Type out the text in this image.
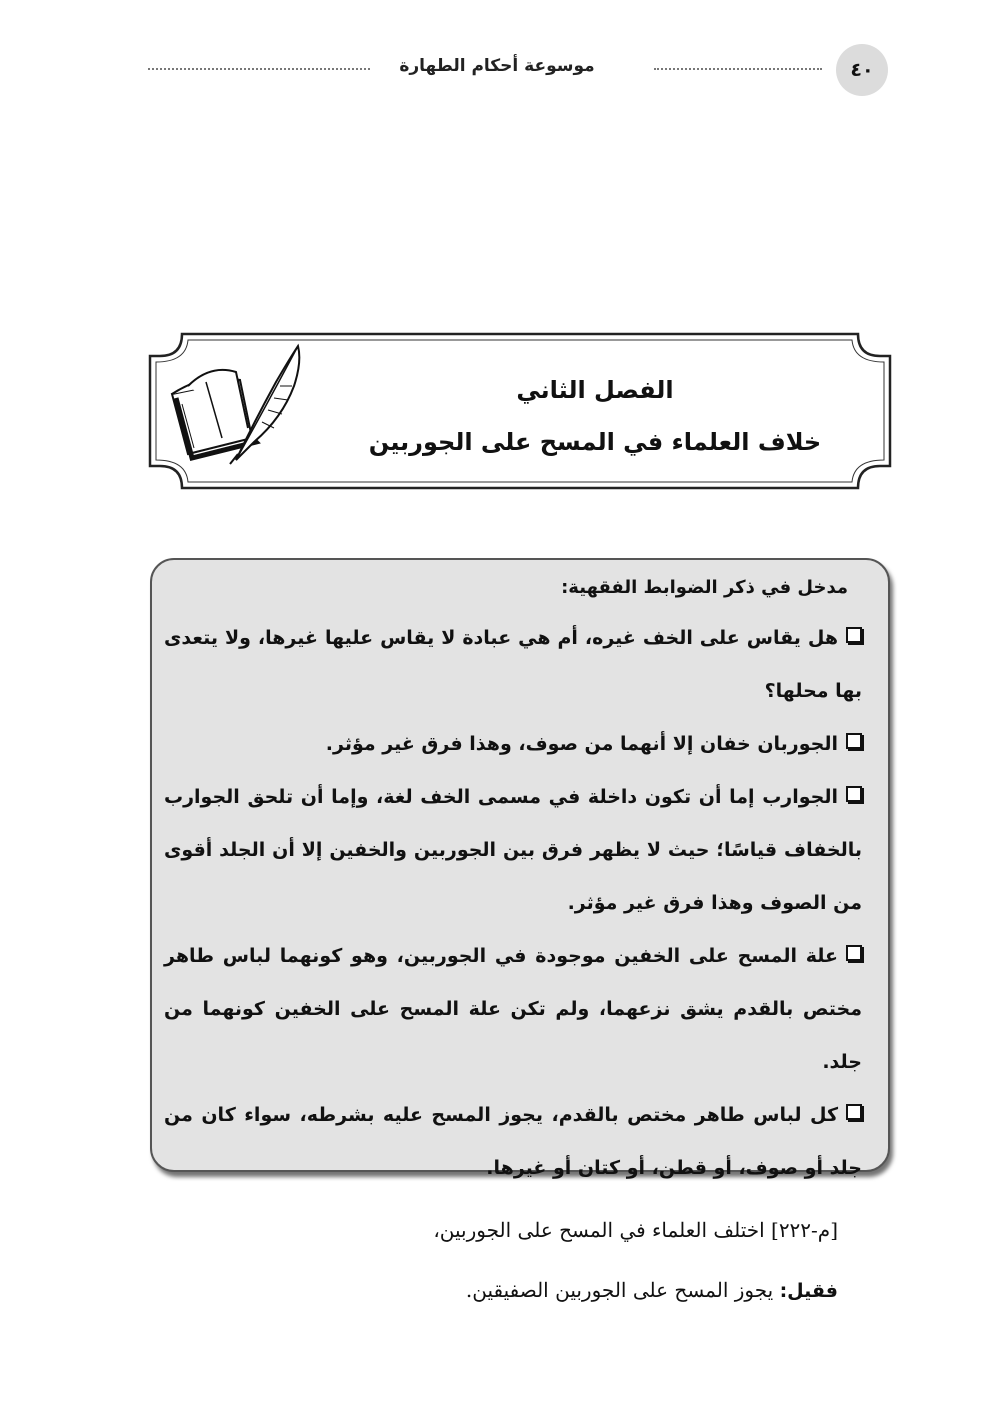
٤٠
موسوعة أحكام الطهارة
الفصل الثاني
خلاف العلماء في المسح على الجوربين
مدخل في ذكر الضوابط الفقهية:
هل يقاس على الخف غيره، أم هي عبادة لا يقاس عليها غيرها، ولا يتعدى بها محلها؟
الجوربان خفان إلا أنهما من صوف، وهذا فرق غير مؤثر.
الجوارب إما أن تكون داخلة في مسمى الخف لغة، وإما أن تلحق الجوارب بالخفاف قياسًا؛ حيث لا يظهر فرق بين الجوربين والخفين إلا أن الجلد أقوى من الصوف وهذا فرق غير مؤثر.
علة المسح على الخفين موجودة في الجوربين، وهو كونهما لباس طاهر مختص بالقدم يشق نزعهما، ولم تكن علة المسح على الخفين كونهما من جلد.
كل لباس طاهر مختص بالقدم، يجوز المسح عليه بشرطه، سواء كان من جلد أو صوف، أو قطن، أو كتان أو غيرها.

[م-٢٢٢] اختلف العلماء في المسح على الجوربين،

فقيل: يجوز المسح على الجوربين الصفيقين.
